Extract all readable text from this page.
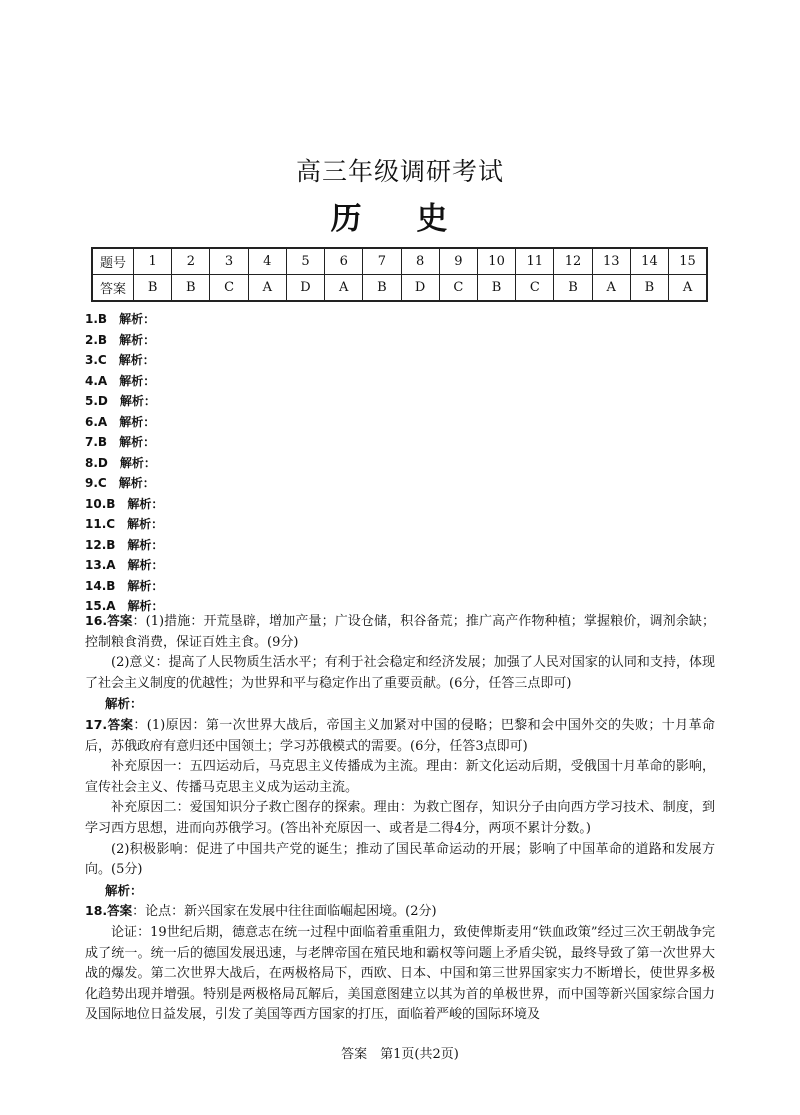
高三年级调研考试
历 史
题号	1	2	3	4	5	6	7	8	9	10	11	12	13	14	15
答案	B	B	C	A	D	A	B	D	C	B	C	B	A	B	A
1.B 解析：
2.B 解析：
3.C 解析：
4.A 解析：
5.D 解析：
6.A 解析：
7.B 解析：
8.D 解析：
9.C 解析：
10.B 解析：
11.C 解析：
12.B 解析：
13.A 解析：
14.B 解析：
15.A 解析：

16.答案：(1)措施：开荒垦辟，增加产量；广设仓储，积谷备荒；推广高产作物种植；掌握粮价，调剂余缺；控制粮食消费，保证百姓主食。(9分)

(2)意义：提高了人民物质生活水平；有利于社会稳定和经济发展；加强了人民对国家的认同和支持，体现了社会主义制度的优越性；为世界和平与稳定作出了重要贡献。(6分，任答三点即可)

解析：

17.答案：(1)原因：第一次世界大战后，帝国主义加紧对中国的侵略；巴黎和会中国外交的失败；十月革命后，苏俄政府有意归还中国领土；学习苏俄模式的需要。(6分，任答3点即可)

补充原因一：五四运动后，马克思主义传播成为主流。理由：新文化运动后期，受俄国十月革命的影响，宣传社会主义、传播马克思主义成为运动主流。

补充原因二：爱国知识分子救亡图存的探索。理由：为救亡图存，知识分子由向西方学习技术、制度，到学习西方思想，进而向苏俄学习。(答出补充原因一、或者是二得4分，两项不累计分数。)

(2)积极影响：促进了中国共产党的诞生；推动了国民革命运动的开展；影响了中国革命的道路和发展方向。(5分)

解析：

18.答案：论点：新兴国家在发展中往往面临崛起困境。(2分)

论证：19世纪后期，德意志在统一过程中面临着重重阻力，致使俾斯麦用“铁血政策”经过三次王朝战争完成了统一。统一后的德国发展迅速，与老牌帝国在殖民地和霸权等问题上矛盾尖锐，最终导致了第一次世界大战的爆发。第二次世界大战后，在两极格局下，西欧、日本、中国和第三世界国家实力不断增长，使世界多极化趋势出现并增强。特别是两极格局瓦解后，美国意图建立以其为首的单极世界，而中国等新兴国家综合国力及国际地位日益发展，引发了美国等西方国家的打压，面临着严峻的国际环境及

答案　第1页(共2页)
